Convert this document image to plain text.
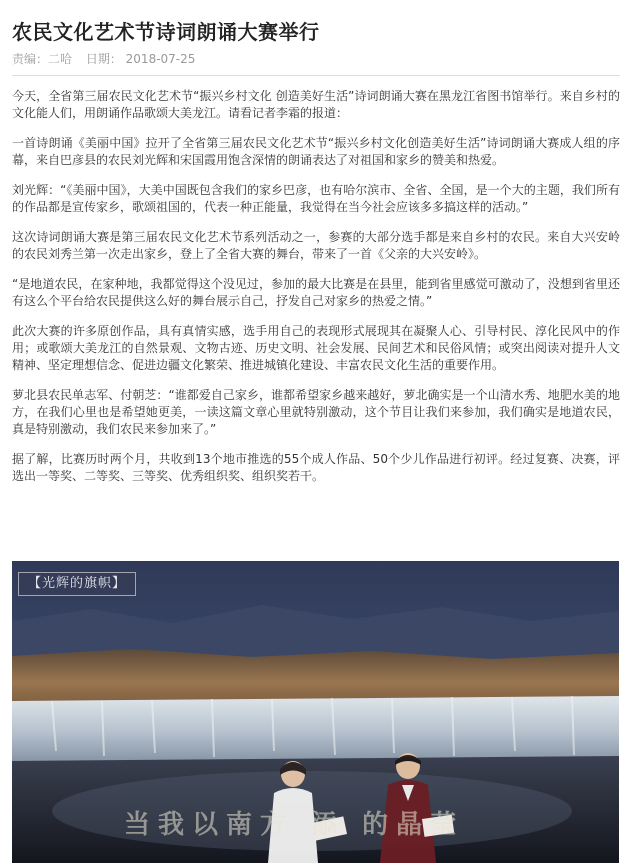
农民文化艺术节诗词朗诵大赛举行
责编：二哈 日期： 2018-07-25

今天，全省第三届农民文化艺术节“振兴乡村文化 创造美好生活”诗词朗诵大赛在黑龙江省图书馆举行。来自乡村的文化能人们，用朗诵作品歌颂大美龙江。请看记者李霜的报道：

一首诗朗诵《美丽中国》拉开了全省第三届农民文化艺术节“振兴乡村文化创造美好生活”诗词朗诵大赛成人组的序幕，来自巴彦县的农民刘光辉和宋国霞用饱含深情的朗诵表达了对祖国和家乡的赞美和热爱。

刘光辉：“《美丽中国》，大美中国既包含我们的家乡巴彦，也有哈尔滨市、全省、全国，是一个大的主题，我们所有的作品都是宣传家乡，歌颂祖国的，代表一种正能量，我觉得在当今社会应该多多搞这样的活动。”

这次诗词朗诵大赛是第三届农民文化艺术节系列活动之一，参赛的大部分选手都是来自乡村的农民。来自大兴安岭的农民刘秀兰第一次走出家乡，登上了全省大赛的舞台，带来了一首《父亲的大兴安岭》。

“是地道农民，在家种地，我都觉得这个没见过，参加的最大比赛是在县里，能到省里感觉可激动了，没想到省里还有这么个平台给农民提供这么好的舞台展示自己，抒发自己对家乡的热爱之情。”

此次大赛的许多原创作品，具有真情实感，选手用自己的表现形式展现其在凝聚人心、引导村民、淳化民风中的作用；或歌颂大美龙江的自然景观、文物古迹、历史文明、社会发展、民间艺术和民俗风情；或突出阅读对提升人文精神、坚定理想信念、促进边疆文化繁荣、推进城镇化建设、丰富农民文化生活的重要作用。

萝北县农民单志军、付朝芝：“谁都爱自己家乡，谁都希望家乡越来越好，萝北确实是一个山清水秀、地肥水美的地方，在我们心里也是希望她更美，一读这篇文章心里就特别激动，这个节目让我们来参加，我们确实是地道农民，真是特别激动，我们农民来参加来了。”

据了解，比赛历时两个月，共收到13个地市推选的55个成人作品、50个少儿作品进行初评。经过复赛、决赛，评选出一等奖、二等奖、三等奖、优秀组织奖、组织奖若干。

【光辉的旗帜】
当我以南方 添 的晶莹
